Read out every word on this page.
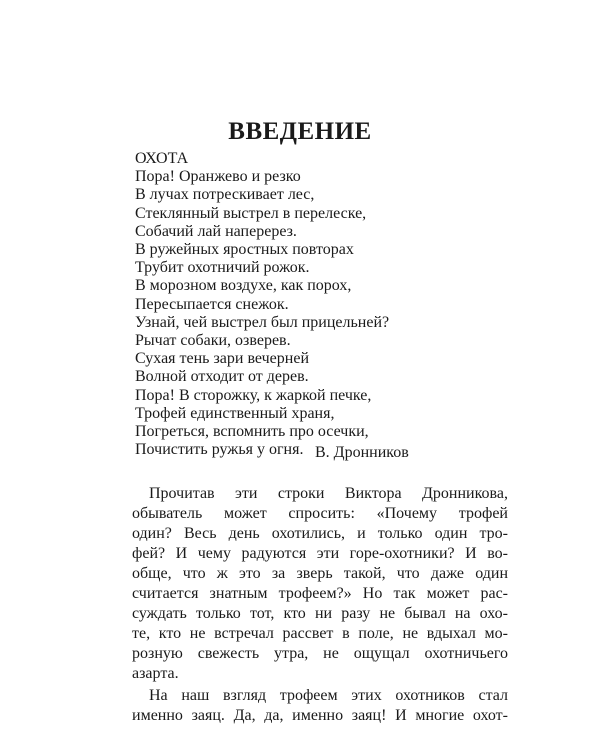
ВВЕДЕНИЕ

ОХОТА

Пора! Оранжево и резко

В лучах потрескивает лес,

Стеклянный выстрел в перелеске,

Собачий лай наперерез.

В ружейных яростных повторах

Трубит охотничий рожок.

В морозном воздухе, как порох,

Пересыпается снежок.

Узнай, чей выстрел был прицельней?

Рычат собаки, озверев.

Сухая тень зари вечерней

Волной отходит от дерев.

Пора! В сторожку, к жаркой печке,

Трофей единственный храня,

Погреться, вспомнить про осечки,

Почистить ружья у огня. В. Дронников

Прочитав эти строки Виктора Дронникова,

обыватель может спросить: «Почему трофей

один? Весь день охотились, и только один тро-

фей? И чему радуются эти горе-охотники? И во-

обще, что ж это за зверь такой, что даже один

считается знатным трофеем?» Но так может рас-

суждать только тот, кто ни разу не бывал на охо-

те, кто не встречал рассвет в поле, не вдыхал мо-

розную свежесть утра, не ощущал охотничьего

азарта.

На наш взгляд трофеем этих охотников стал

именно заяц. Да, да, именно заяц! И многие охот-
